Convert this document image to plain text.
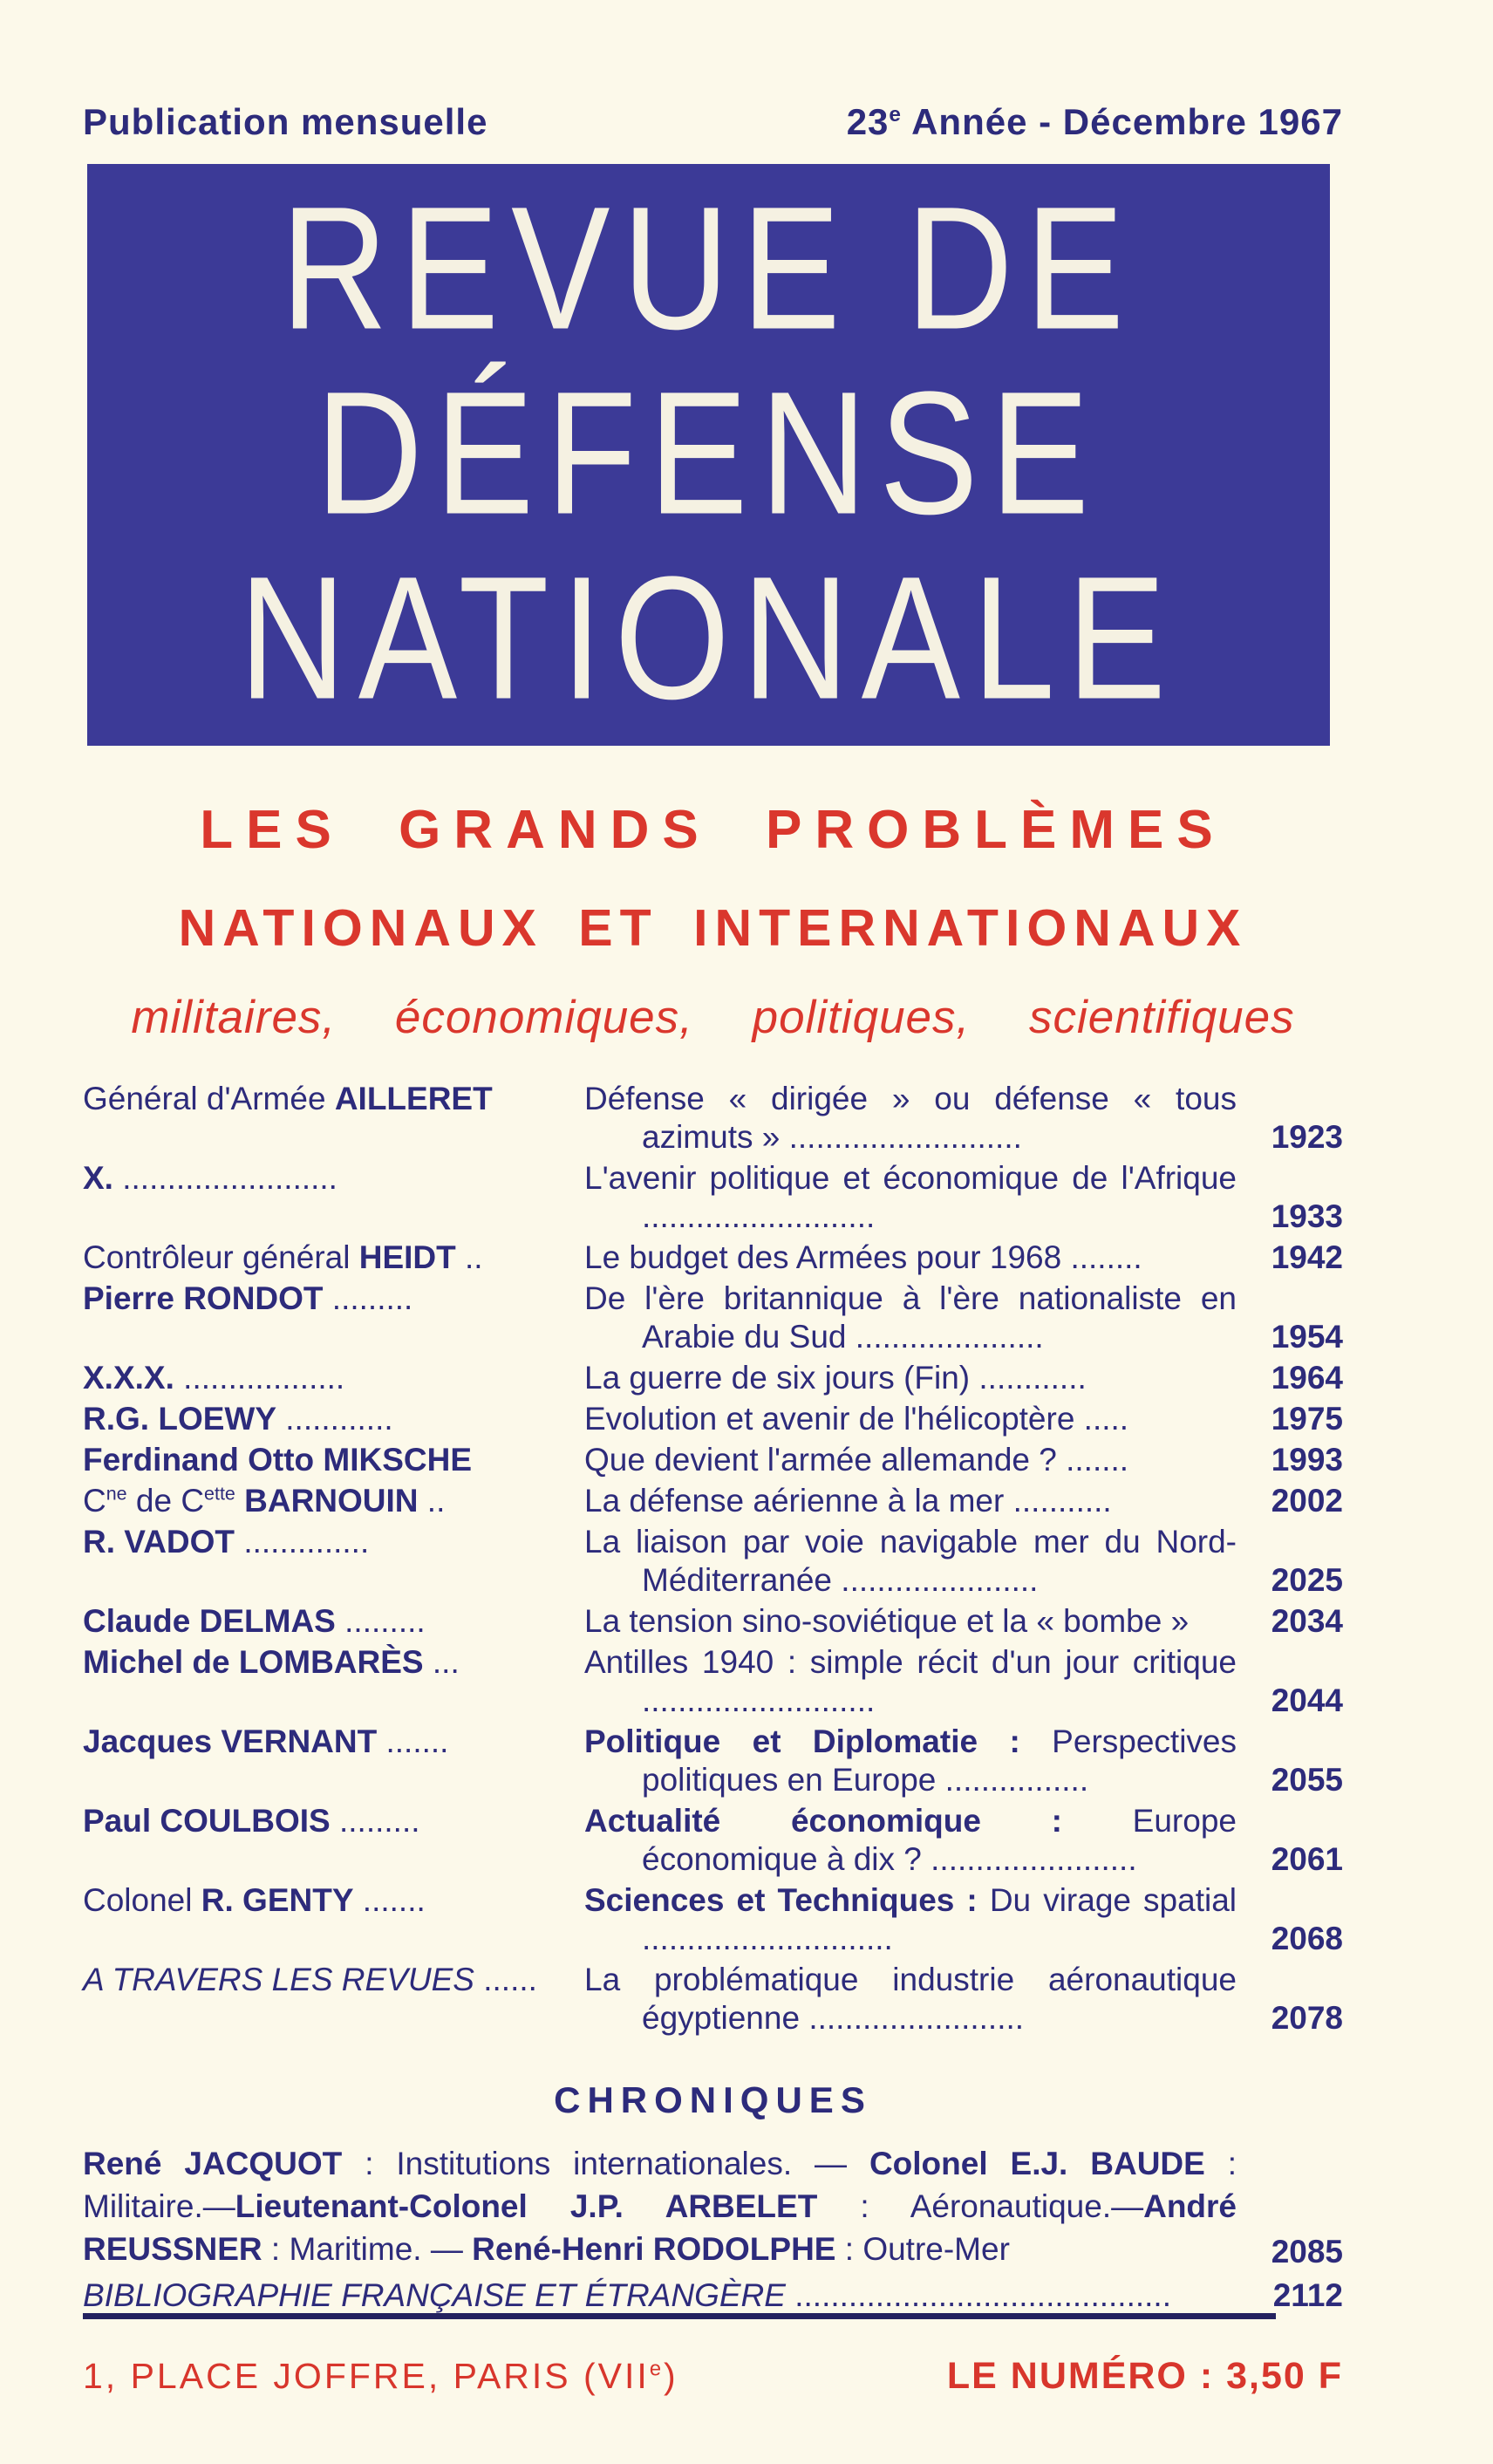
Publication mensuelle	23e Année - Décembre 1967
REVUE DE
DÉFENSE
NATIONALE
LES GRANDS PROBLÈMES
NATIONAUX ET INTERNATIONAUX
militaires, économiques, politiques, scientifiques
Général d'Armée AILLERET	Défense « dirigée » ou défense « tous azimuts » ..........................	1923
X. ........................	L'avenir politique et économique de l'Afrique ..........................	1933
Contrôleur général HEIDT ..	Le budget des Armées pour 1968 ........	1942
Pierre RONDOT .........	De l'ère britannique à l'ère nationaliste en Arabie du Sud .....................	1954
X.X.X. ..................	La guerre de six jours (Fin) ............	1964
R.G. LOEWY ............	Evolution et avenir de l'hélicoptère .....	1975
Ferdinand Otto MIKSCHE	Que devient l'armée allemande ? .......	1993
$C^{ne}$ de $C^{ette}$ BARNOUIN ..	La défense aérienne à la mer ...........	2002
R. VADOT ..............	La liaison par voie navigable mer du Nord-Méditerranée ......................	2025
Claude DELMAS .........	La tension sino-soviétique et la « bombe »	2034
Michel de LOMBARÈS ...	Antilles 1940 : simple récit d'un jour critique ..........................	2044
Jacques VERNANT .......	Politique et Diplomatie : Perspectives politiques en Europe ................	2055
Paul COULBOIS .........	Actualité économique : Europe économique à dix ? .......................	2061
Colonel R. GENTY .......	Sciences et Techniques : Du virage spatial ............................	2068
A TRAVERS LES REVUES ......	La problématique industrie aéronautique égyptienne ........................	2078
CHRONIQUES
René JACQUOT : Institutions internationales. — Colonel E.J. BAUDE : Militaire.—Lieutenant-Colonel J.P. ARBELET : Aéronautique.—André REUSSNER : Maritime. — René-Henri RODOLPHE : Outre-Mer	2085
BIBLIOGRAPHIE FRANÇAISE ET ÉTRANGÈRE ..........................................	2112
1, PLACE JOFFRE, PARIS (VIIe)	LE NUMÉRO : 3,50 F
